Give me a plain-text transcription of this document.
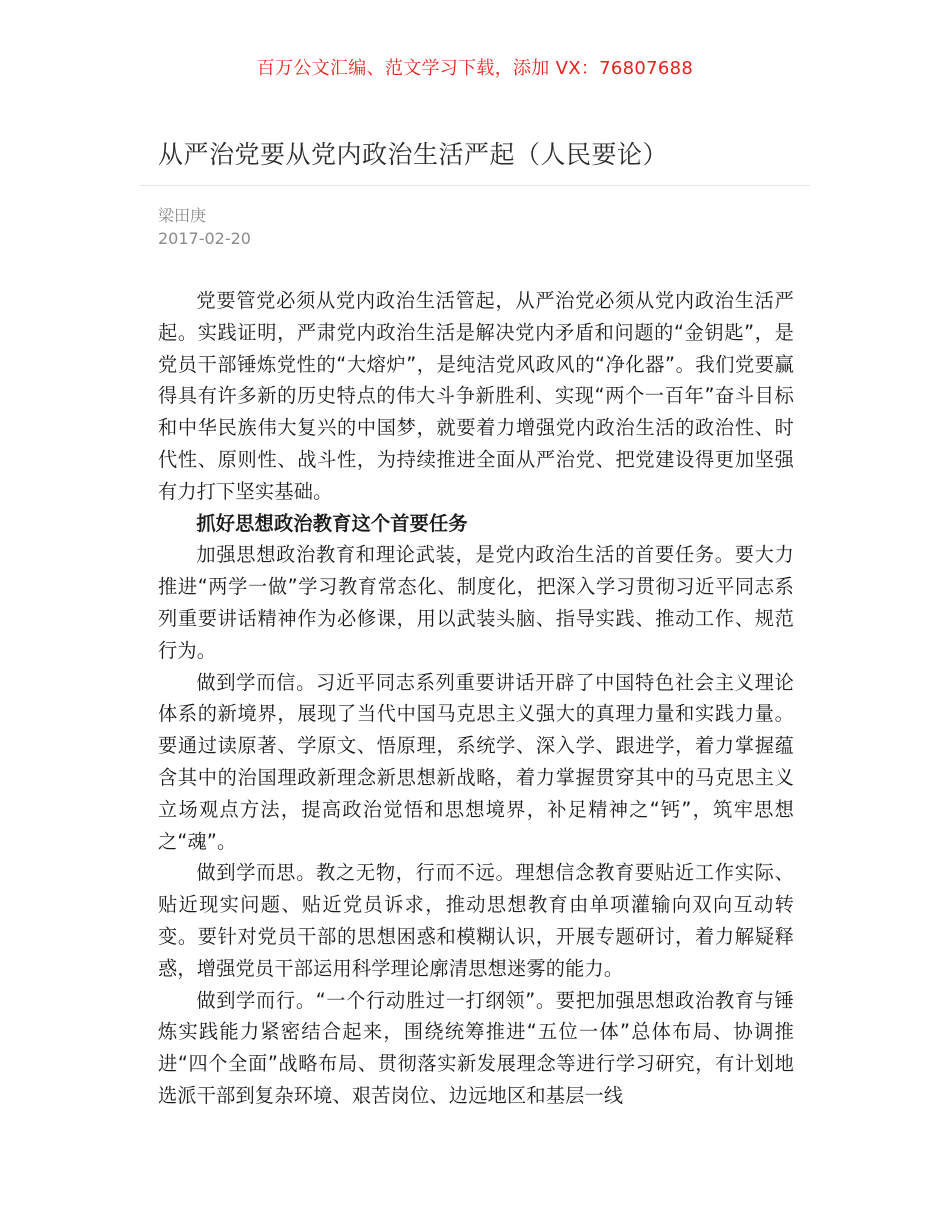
百万公文汇编、范文学习下载，添加 VX：76807688
从严治党要从党内政治生活严起（人民要论）
梁田庚
2017-02-20

党要管党必须从党内政治生活管起，从严治党必须从党内政治生活严起。实践证明，严肃党内政治生活是解决党内矛盾和问题的“金钥匙”，是党员干部锤炼党性的“大熔炉”，是纯洁党风政风的“净化器”。我们党要赢得具有许多新的历史特点的伟大斗争新胜利、实现“两个一百年”奋斗目标和中华民族伟大复兴的中国梦，就要着力增强党内政治生活的政治性、时代性、原则性、战斗性，为持续推进全面从严治党、把党建设得更加坚强有力打下坚实基础。

抓好思想政治教育这个首要任务

加强思想政治教育和理论武装，是党内政治生活的首要任务。要大力推进“两学一做”学习教育常态化、制度化，把深入学习贯彻习近平同志系列重要讲话精神作为必修课，用以武装头脑、指导实践、推动工作、规范行为。

做到学而信。习近平同志系列重要讲话开辟了中国特色社会主义理论体系的新境界，展现了当代中国马克思主义强大的真理力量和实践力量。要通过读原著、学原文、悟原理，系统学、深入学、跟进学，着力掌握蕴含其中的治国理政新理念新思想新战略，着力掌握贯穿其中的马克思主义立场观点方法，提高政治觉悟和思想境界，补足精神之“钙”，筑牢思想之“魂”。

做到学而思。教之无物，行而不远。理想信念教育要贴近工作实际、贴近现实问题、贴近党员诉求，推动思想教育由单项灌输向双向互动转变。要针对党员干部的思想困惑和模糊认识，开展专题研讨，着力解疑释惑，增强党员干部运用科学理论廓清思想迷雾的能力。

做到学而行。“一个行动胜过一打纲领”。要把加强思想政治教育与锤炼实践能力紧密结合起来，围绕统筹推进“五位一体”总体布局、协调推进“四个全面”战略布局、贯彻落实新发展理念等进行学习研究，有计划地选派干部到复杂环境、艰苦岗位、边远地区和基层一线
